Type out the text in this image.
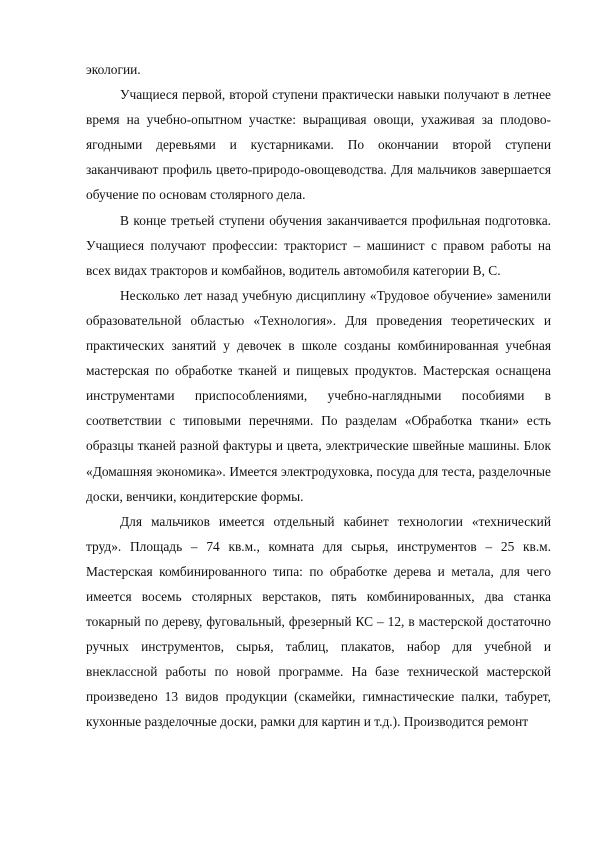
экологии.

Учащиеся первой, второй ступени практически навыки получают в летнее время на учебно-опытном участке: выращивая овощи, ухаживая за плодово-ягодными деревьями и кустарниками. По окончании второй ступени заканчивают профиль цвето-природо-овощеводства. Для мальчиков завершается обучение по основам столярного дела.

В конце третьей ступени обучения заканчивается профильная подготовка. Учащиеся получают профессии: тракторист – машинист с правом работы на всех видах тракторов и комбайнов, водитель автомобиля категории В, С.

Несколько лет назад учебную дисциплину «Трудовое обучение» заменили образовательной областью «Технология». Для проведения теоретических и практических занятий у девочек в школе созданы комбинированная учебная мастерская по обработке тканей и пищевых продуктов. Мастерская оснащена инструментами приспособлениями, учебно-наглядными пособиями в соответствии с типовыми перечнями. По разделам «Обработка ткани» есть образцы тканей разной фактуры и цвета, электрические швейные машины. Блок «Домашняя экономика». Имеется электродуховка, посуда для теста, разделочные доски, венчики, кондитерские формы.

Для мальчиков имеется отдельный кабинет технологии «технический труд». Площадь – 74 кв.м., комната для сырья, инструментов – 25 кв.м. Мастерская комбинированного типа: по обработке дерева и метала, для чего имеется восемь столярных верстаков, пять комбинированных, два станка токарный по дереву, фуговальный, фрезерный КС – 12, в мастерской достаточно ручных инструментов, сырья, таблиц, плакатов, набор для учебной и внеклассной работы по новой программе. На базе технической мастерской произведено 13 видов продукции (скамейки, гимнастические палки, табурет, кухонные разделочные доски, рамки для картин и т.д.). Производится ремонт
